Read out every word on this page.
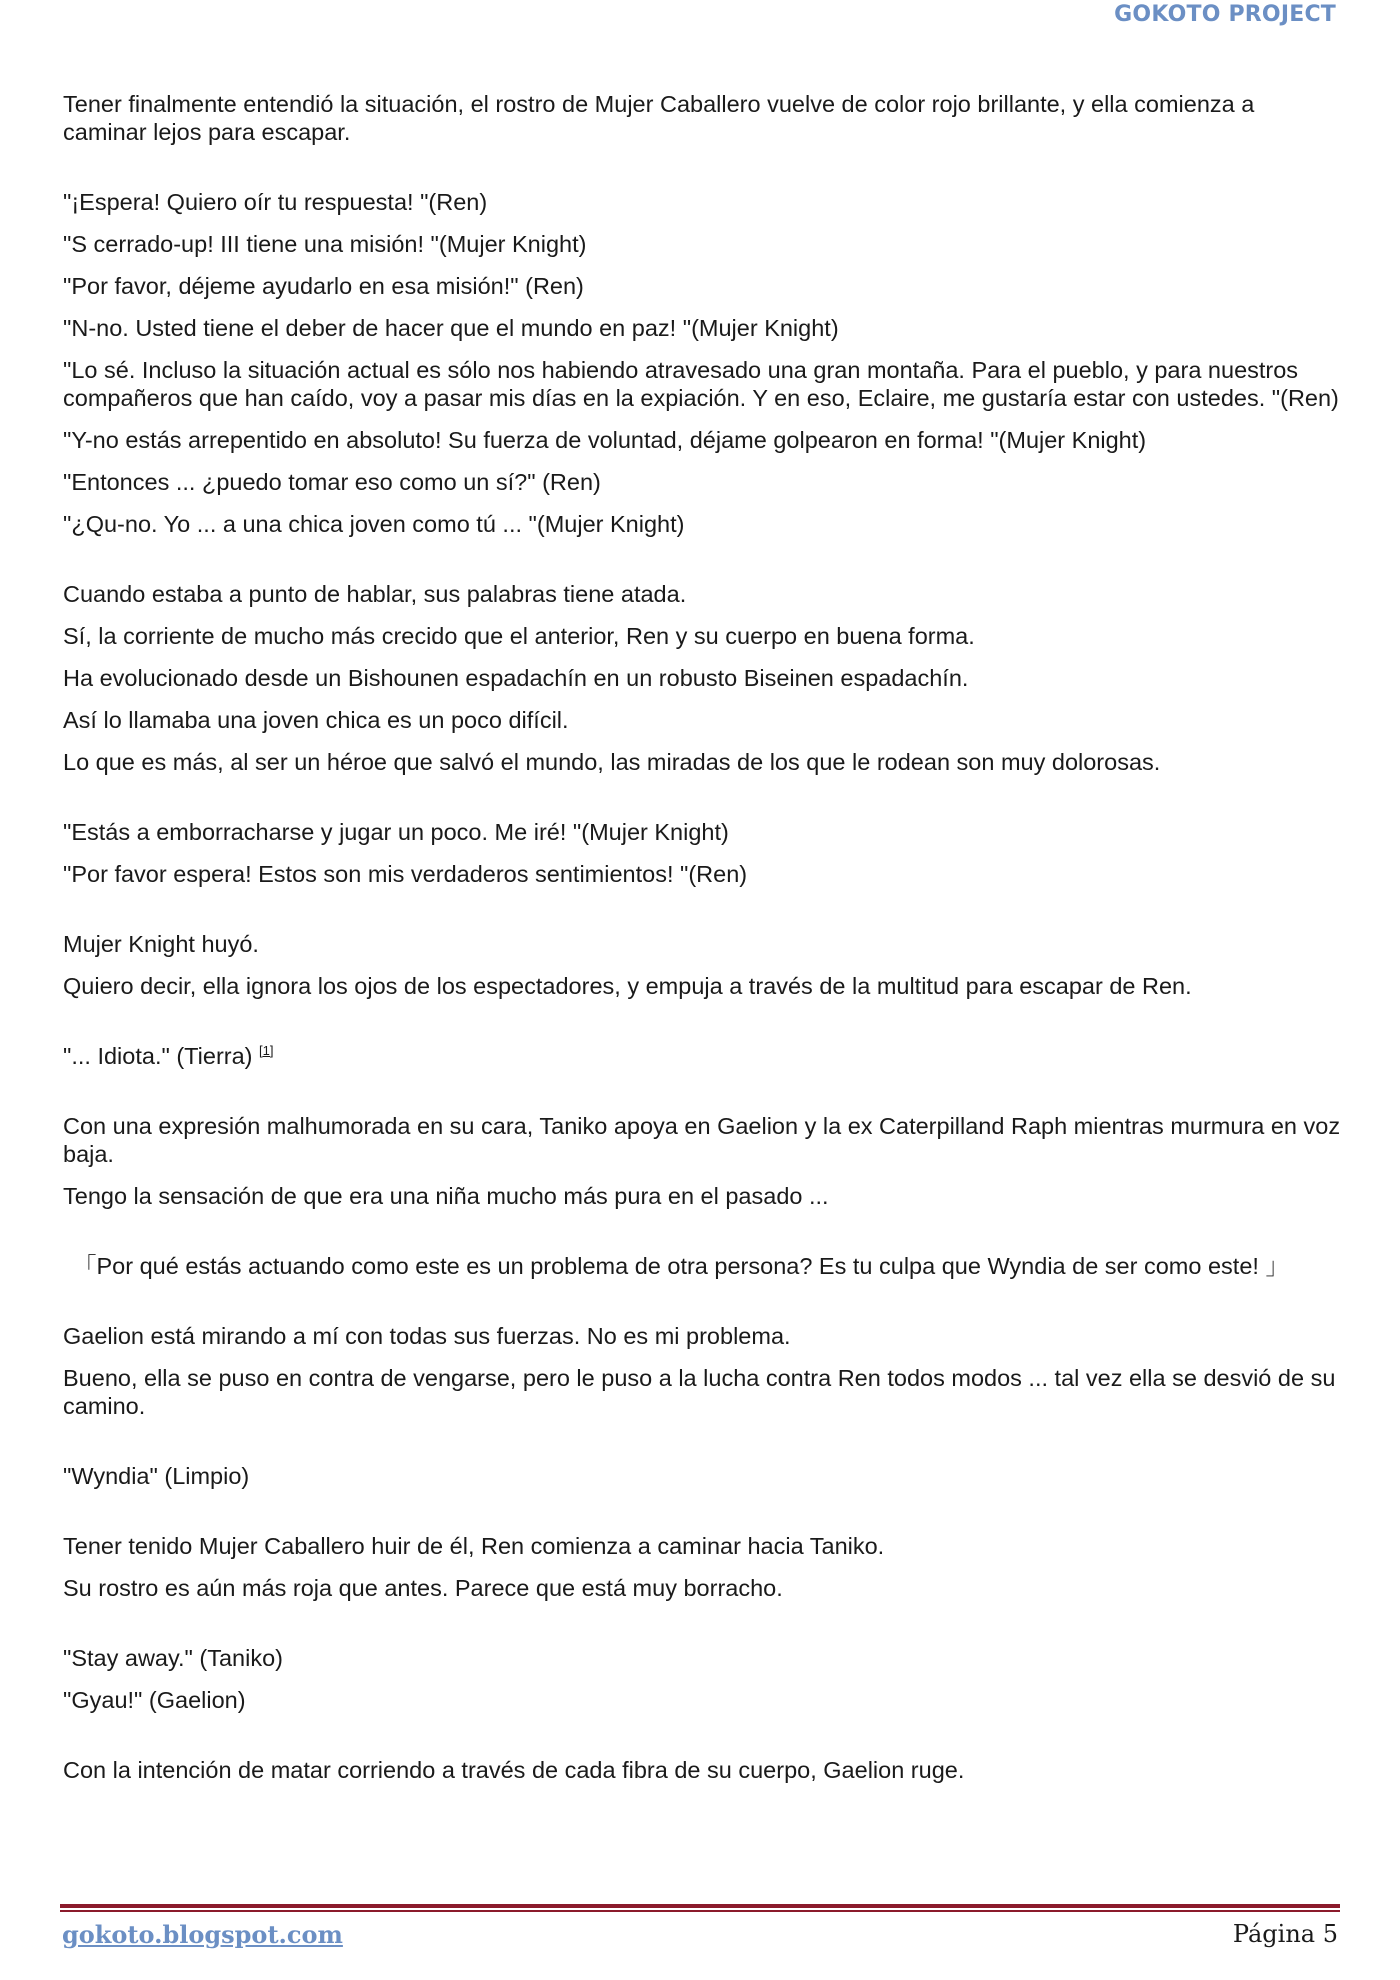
GOKOTO PROJECT

Tener finalmente entendió la situación, el rostro de Mujer Caballero vuelve de color rojo brillante, y ella comienza a caminar lejos para escapar.

"¡Espera! Quiero oír tu respuesta! "(Ren)

"S cerrado-up! III tiene una misión! "(Mujer Knight)

"Por favor, déjeme ayudarlo en esa misión!" (Ren)

"N-no. Usted tiene el deber de hacer que el mundo en paz! "(Mujer Knight)

"Lo sé. Incluso la situación actual es sólo nos habiendo atravesado una gran montaña. Para el pueblo, y para nuestros compañeros que han caído, voy a pasar mis días en la expiación. Y en eso, Eclaire, me gustaría estar con ustedes. "(Ren)

"Y-no estás arrepentido en absoluto! Su fuerza de voluntad, déjame golpearon en forma! "(Mujer Knight)

"Entonces ... ¿puedo tomar eso como un sí?" (Ren)

"¿Qu-no. Yo ... a una chica joven como tú ... "(Mujer Knight)

Cuando estaba a punto de hablar, sus palabras tiene atada.

Sí, la corriente de mucho más crecido que el anterior, Ren y su cuerpo en buena forma.

Ha evolucionado desde un Bishounen espadachín en un robusto Biseinen espadachín.

Así lo llamaba una joven chica es un poco difícil.

Lo que es más, al ser un héroe que salvó el mundo, las miradas de los que le rodean son muy dolorosas.

"Estás a emborracharse y jugar un poco. Me iré! "(Mujer Knight)

"Por favor espera! Estos son mis verdaderos sentimientos! "(Ren)

Mujer Knight huyó.

Quiero decir, ella ignora los ojos de los espectadores, y empuja a través de la multitud para escapar de Ren.

"... Idiota." (Tierra) [1]

Con una expresión malhumorada en su cara, Taniko apoya en Gaelion y la ex Caterpilland Raph mientras murmura en voz baja.

Tengo la sensación de que era una niña mucho más pura en el pasado ...

「Por qué estás actuando como este es un problema de otra persona? Es tu culpa que Wyndia de ser como este! 」

Gaelion está mirando a mí con todas sus fuerzas. No es mi problema.

Bueno, ella se puso en contra de vengarse, pero le puso a la lucha contra Ren todos modos ... tal vez ella se desvió de su camino.

"Wyndia" (Limpio)

Tener tenido Mujer Caballero huir de él, Ren comienza a caminar hacia Taniko.

Su rostro es aún más roja que antes. Parece que está muy borracho.

"Stay away." (Taniko)

"Gyau!" (Gaelion)

Con la intención de matar corriendo a través de cada fibra de su cuerpo, Gaelion ruge.

gokoto.blogspot.com	Página 5
